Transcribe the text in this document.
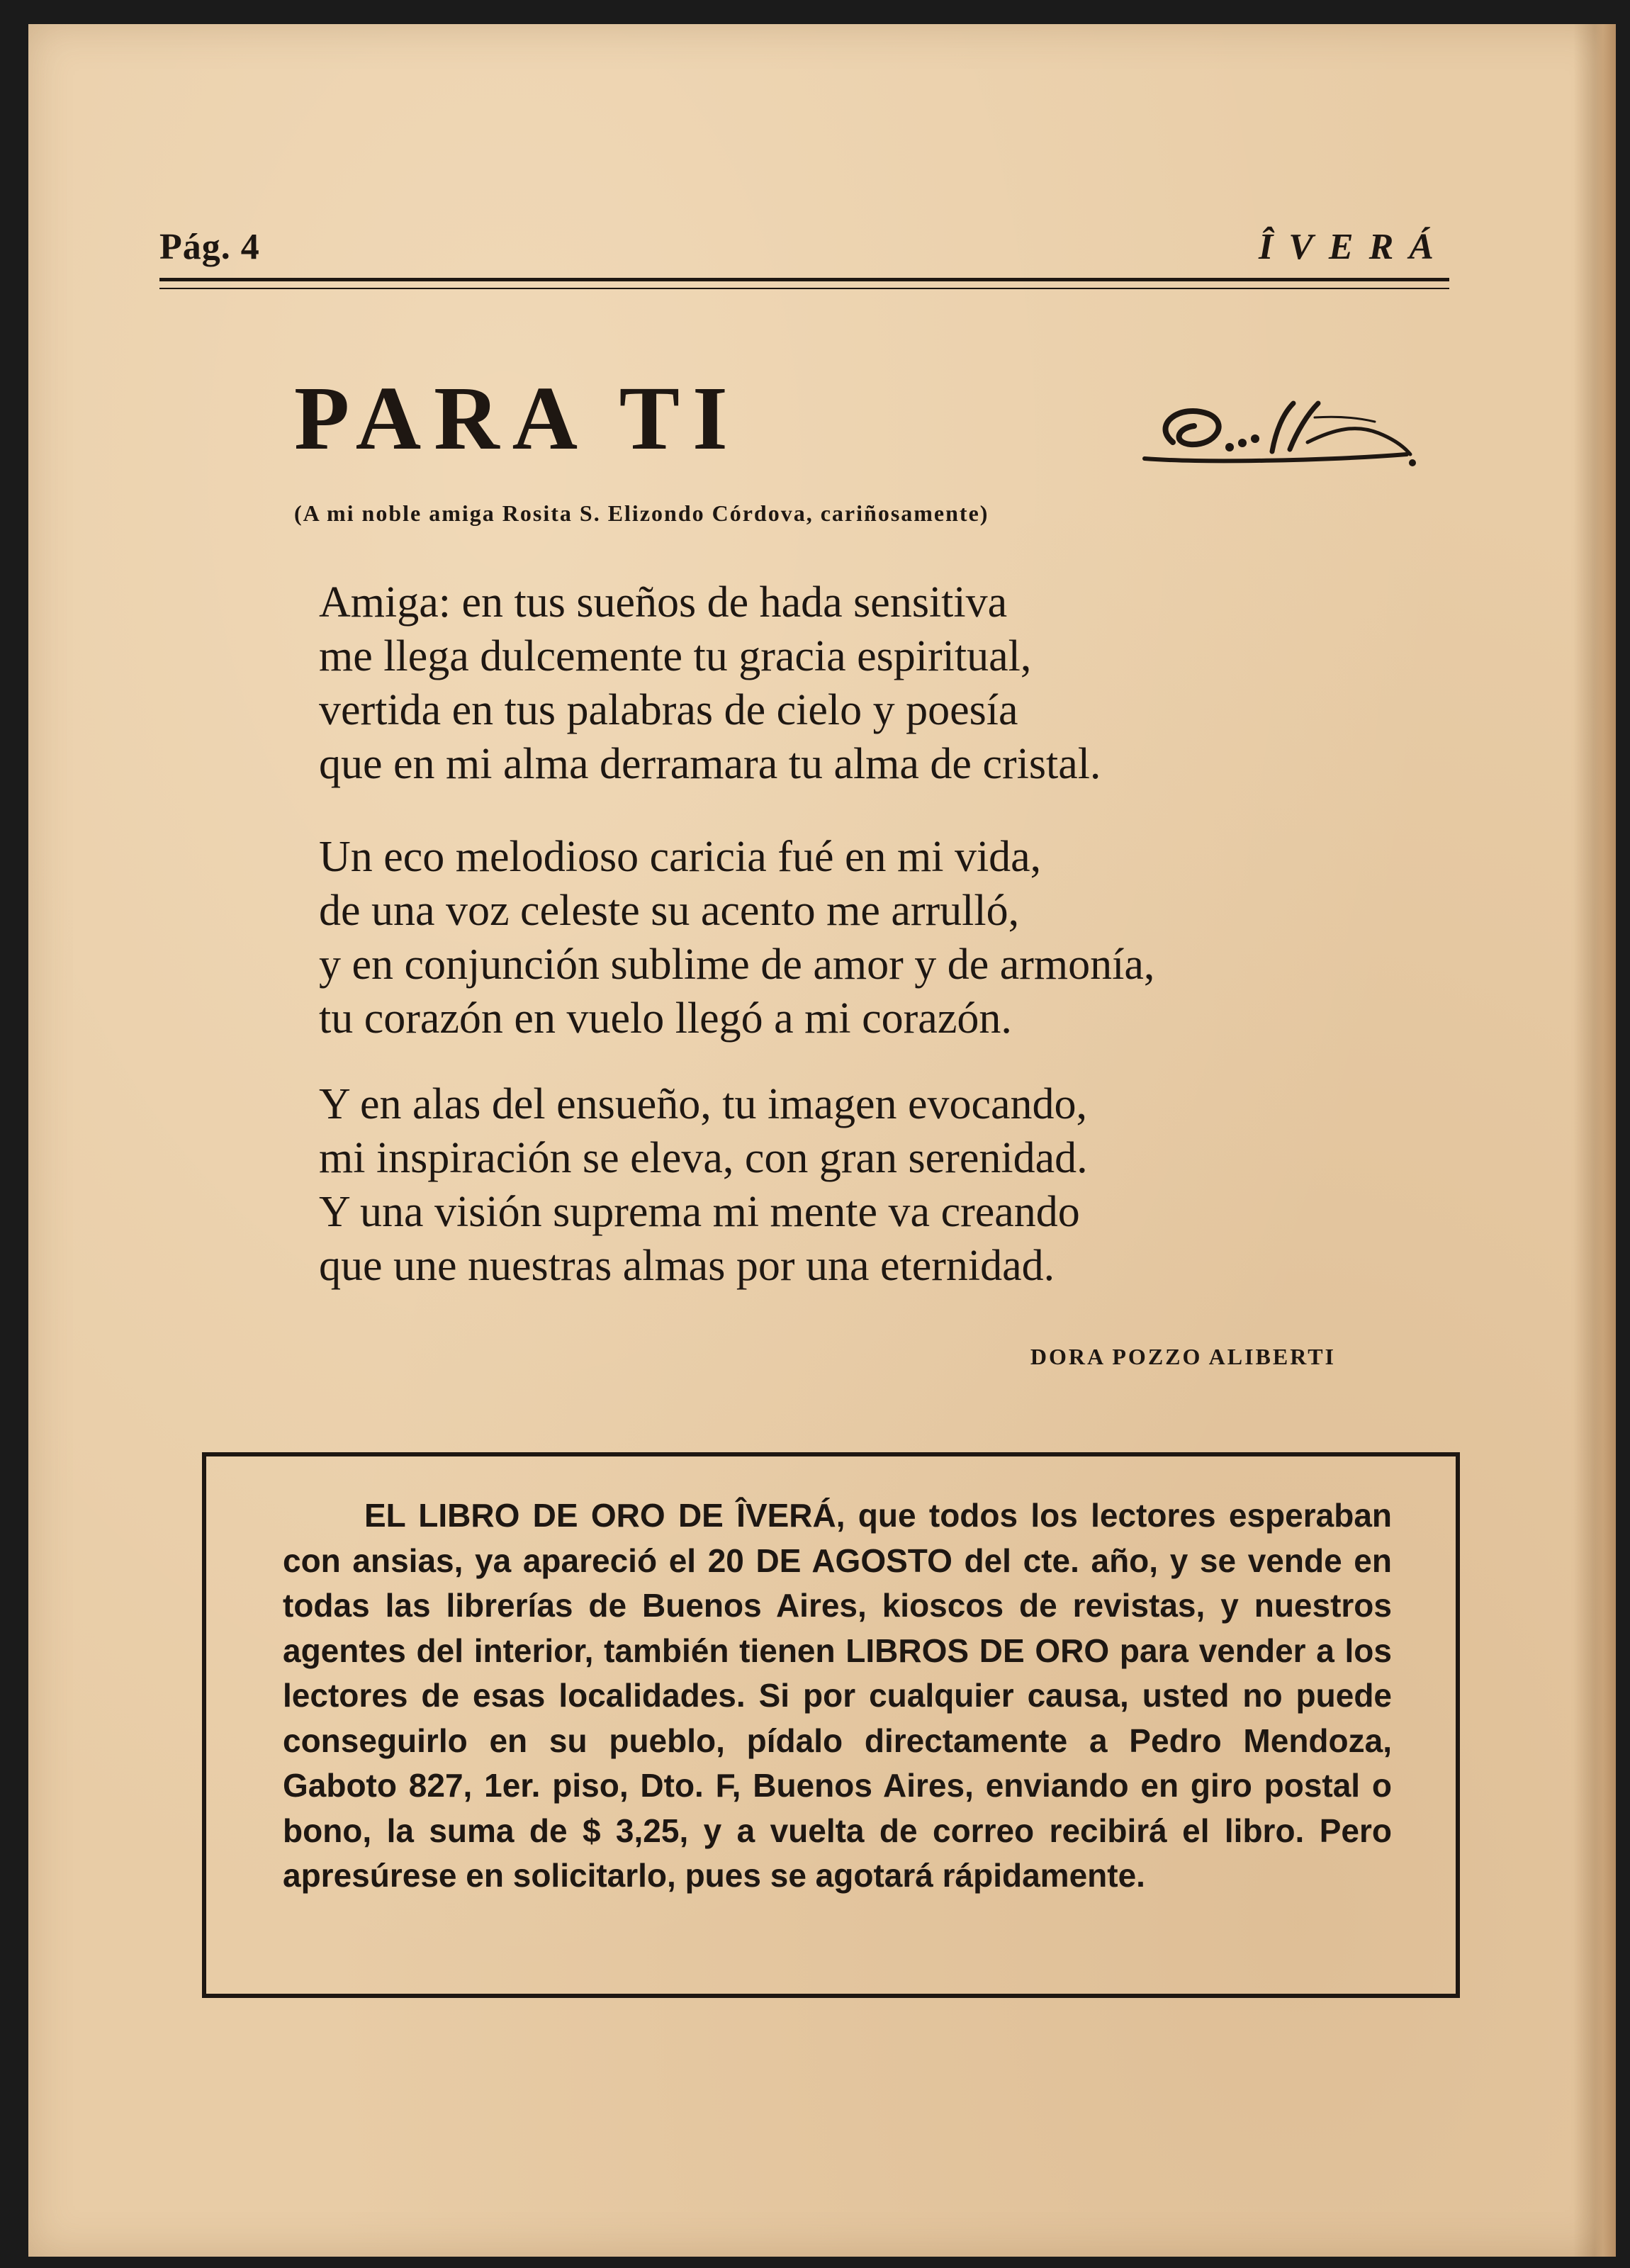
Pág. 4	ÎVERÁ
PARA TI
(A mi noble amiga Rosita S. Elizondo Córdova, cariñosamente)
Amiga: en tus sueños de hada sensitiva
me llega dulcemente tu gracia espiritual,
vertida en tus palabras de cielo y poesía
que en mi alma derramara tu alma de cristal.
Un eco melodioso caricia fué en mi vida,
de una voz celeste su acento me arrulló,
y en conjunción sublime de amor y de armonía,
tu corazón en vuelo llegó a mi corazón.
Y en alas del ensueño, tu imagen evocando,
mi inspiración se eleva, con gran serenidad.
Y una visión suprema mi mente va creando
que une nuestras almas por una eternidad.
DORA POZZO ALIBERTI
EL LIBRO DE ORO DE ÎVERÁ, que todos los lectores esperaban con ansias, ya apareció el 20 DE AGOSTO del cte. año, y se vende en todas las librerías de Buenos Aires, kioscos de revistas, y nuestros agentes del interior, también tienen LIBROS DE ORO para vender a los lectores de esas localidades. Si por cualquier causa, usted no puede conseguirlo en su pueblo, pídalo directamente a Pedro Mendoza, Gaboto 827, 1er. piso, Dto. F, Buenos Aires, enviando en giro postal o bono, la suma de $ 3,25, y a vuelta de correo recibirá el libro. Pero apresúrese en solicitarlo, pues se agotará rápidamente.
